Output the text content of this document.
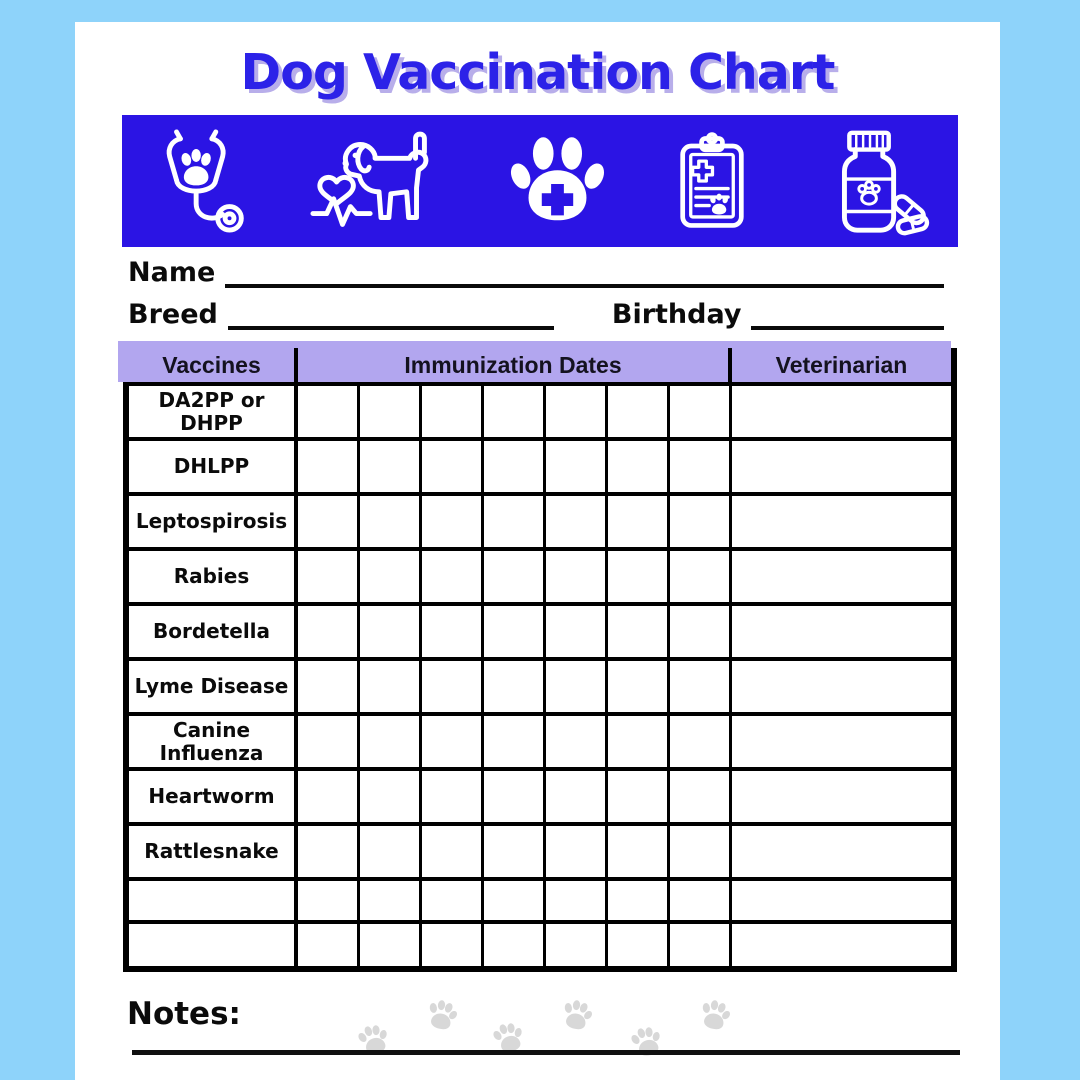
Dog Vaccination Chart
Name
Breed	Birthday
Vaccines	Immunization Dates	Veterinarian
DA2PP or DHPP
DHLPP
Leptospirosis
Rabies
Bordetella
Lyme Disease
Canine Influenza
Heartworm
Rattlesnake
Notes:
